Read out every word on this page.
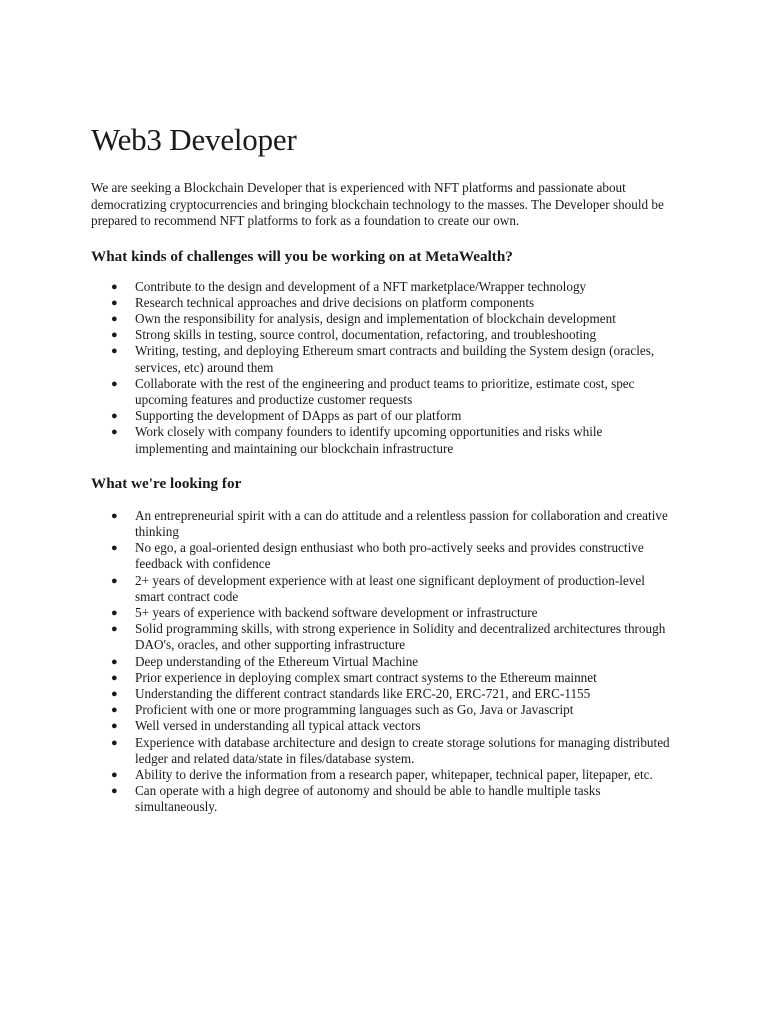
Web3 Developer

We are seeking a Blockchain Developer that is experienced with NFT platforms and passionate about democratizing cryptocurrencies and bringing blockchain technology to the masses. The Developer should be prepared to recommend NFT platforms to fork as a foundation to create our own.

What kinds of challenges will you be working on at MetaWealth?
● Contribute to the design and development of a NFT marketplace/Wrapper technology
● Research technical approaches and drive decisions on platform components
● Own the responsibility for analysis, design and implementation of blockchain development
● Strong skills in testing, source control, documentation, refactoring, and troubleshooting
● Writing, testing, and deploying Ethereum smart contracts and building the System design (oracles, services, etc) around them
● Collaborate with the rest of the engineering and product teams to prioritize, estimate cost, spec upcoming features and productize customer requests
● Supporting the development of DApps as part of our platform
● Work closely with company founders to identify upcoming opportunities and risks while implementing and maintaining our blockchain infrastructure
What we're looking for
● An entrepreneurial spirit with a can do attitude and a relentless passion for collaboration and creative thinking
● No ego, a goal-oriented design enthusiast who both pro-actively seeks and provides constructive feedback with confidence
● 2+ years of development experience with at least one significant deployment of production-level smart contract code
● 5+ years of experience with backend software development or infrastructure
● Solid programming skills, with strong experience in Solidity and decentralized architectures through DAO's, oracles, and other supporting infrastructure
● Deep understanding of the Ethereum Virtual Machine
● Prior experience in deploying complex smart contract systems to the Ethereum mainnet
● Understanding the different contract standards like ERC-20, ERC-721, and ERC-1155
● Proficient with one or more programming languages such as Go, Java or Javascript
● Well versed in understanding all typical attack vectors
● Experience with database architecture and design to create storage solutions for managing distributed ledger and related data/state in files/database system.
● Ability to derive the information from a research paper, whitepaper, technical paper, litepaper, etc.
● Can operate with a high degree of autonomy and should be able to handle multiple tasks simultaneously.
